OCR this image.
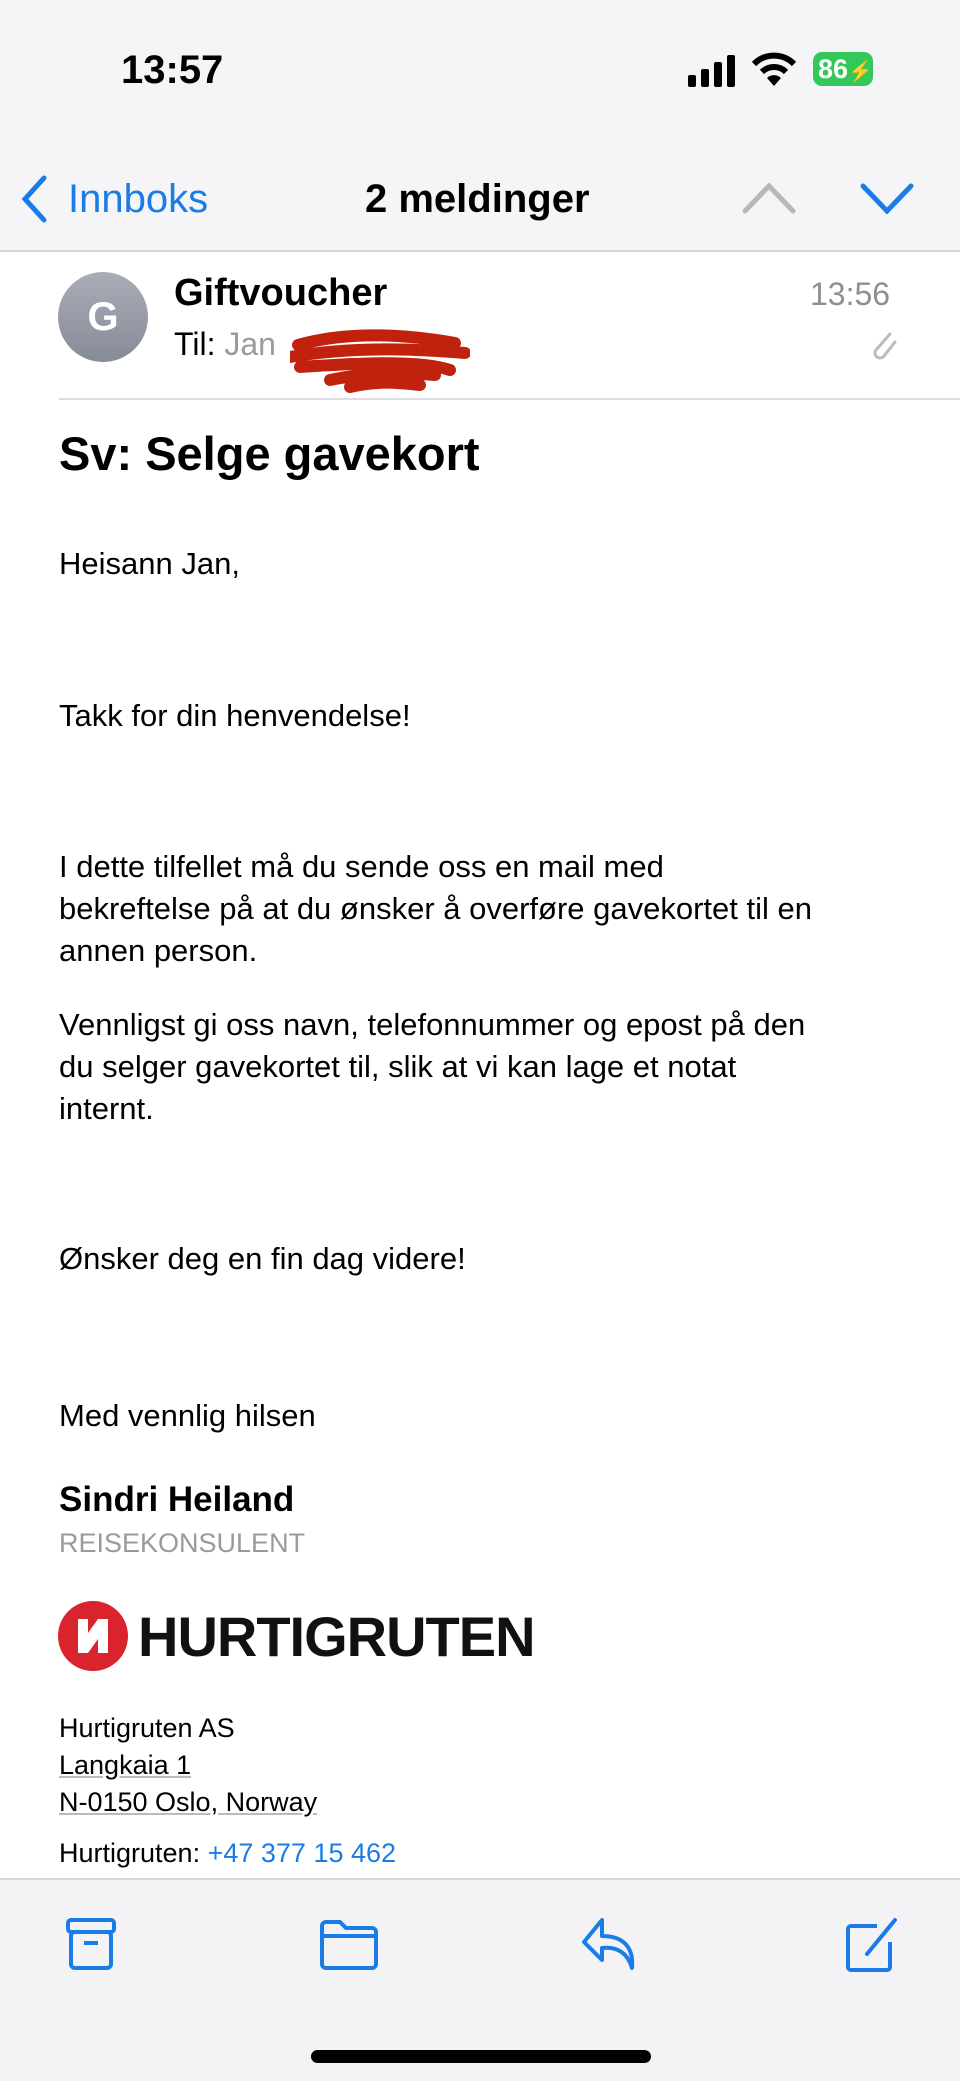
13:57	86⚡
Innboks	2 meldinger
G
Giftvoucher
Til: Jan
13:56
Sv: Selge gavekort
Heisann Jan,
Takk for din henvendelse!
I dette tilfellet må du sende oss en mail med
bekreftelse på at du ønsker å overføre gavekortet til en
annen person.
Vennligst gi oss navn, telefonnummer og epost på den
du selger gavekortet til, slik at vi kan lage et notat
internt.
Ønsker deg en fin dag videre!
Med vennlig hilsen
Sindri Heiland
REISEKONSULENT
HURTIGRUTEN
Hurtigruten AS
Langkaia 1
N-0150 Oslo, Norway
Hurtigruten: +47 377 15 462
